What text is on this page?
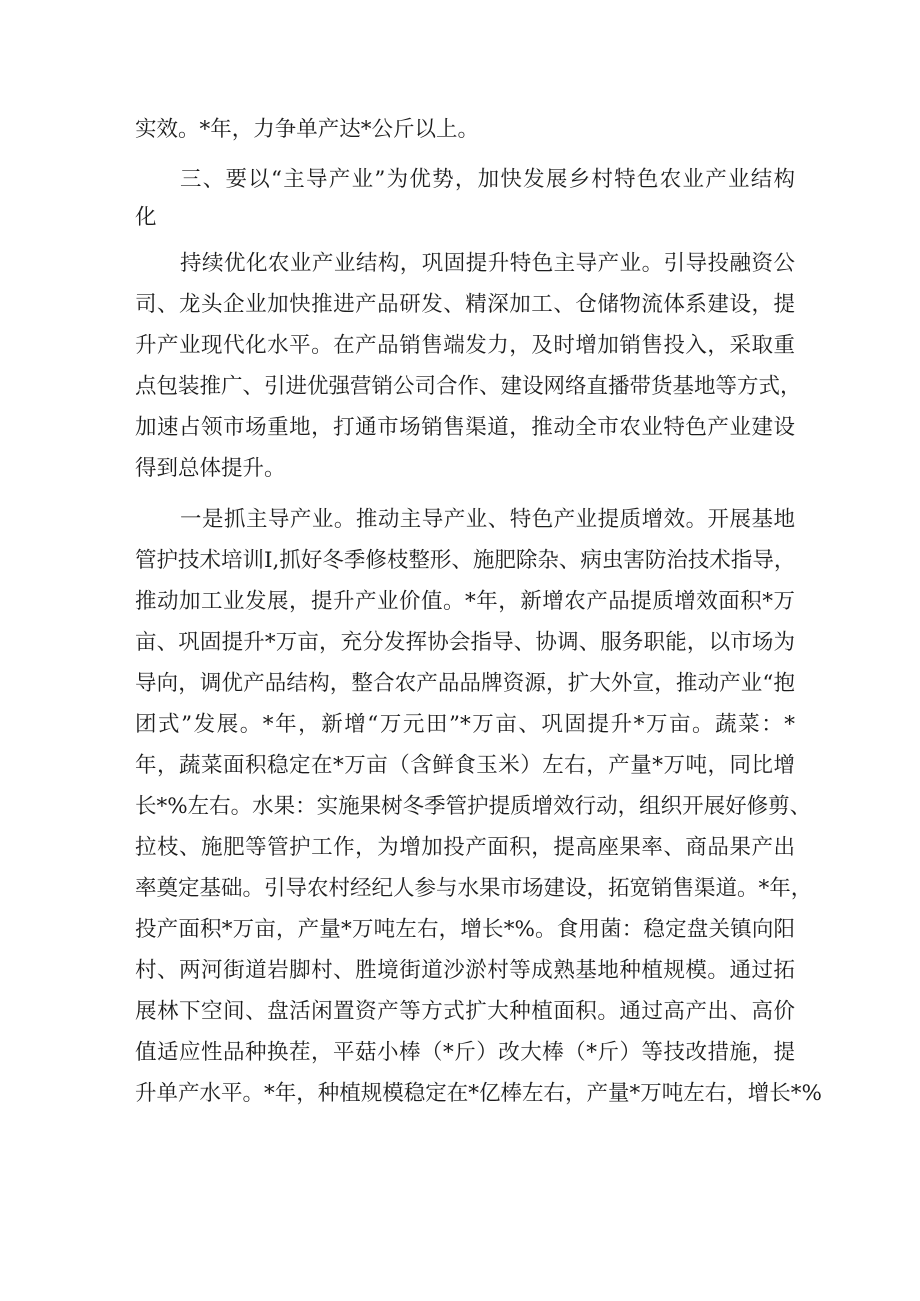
实效。*年，力争单产达*公斤以上。
三、要以“主导产业”为优势，加快发展乡村特色农业产业结构
化
持续优化农业产业结构，巩固提升特色主导产业。引导投融资公
司、龙头企业加快推进产品研发、精深加工、仓储物流体系建设，提
升产业现代化水平。在产品销售端发力，及时增加销售投入，采取重
点包装推广、引进优强营销公司合作、建设网络直播带货基地等方式，
加速占领市场重地，打通市场销售渠道，推动全市农业特色产业建设
得到总体提升。
一是抓主导产业。推动主导产业、特色产业提质增效。开展基地
管护技术培训I,抓好冬季修枝整形、施肥除杂、病虫害防治技术指导，
推动加工业发展，提升产业价值。*年，新增农产品提质增效面积*万
亩、巩固提升*万亩，充分发挥协会指导、协调、服务职能，以市场为
导向，调优产品结构，整合农产品品牌资源，扩大外宣，推动产业“抱
团式”发展。*年，新增“万元田”*万亩、巩固提升*万亩。蔬菜：*
年，蔬菜面积稳定在*万亩（含鲜食玉米）左右，产量*万吨，同比增
长*%左右。水果：实施果树冬季管护提质增效行动，组织开展好修剪、
拉枝、施肥等管护工作，为增加投产面积，提高座果率、商品果产出
率奠定基础。引导农村经纪人参与水果市场建设，拓宽销售渠道。*年，
投产面积*万亩，产量*万吨左右，增长*%。食用菌：稳定盘关镇向阳
村、两河街道岩脚村、胜境街道沙淤村等成熟基地种植规模。通过拓
展林下空间、盘活闲置资产等方式扩大种植面积。通过高产出、高价
值适应性品种换茬，平菇小棒（*斤）改大棒（*斤）等技改措施，提
升单产水平。*年，种植规模稳定在*亿棒左右，产量*万吨左右，增长*%
